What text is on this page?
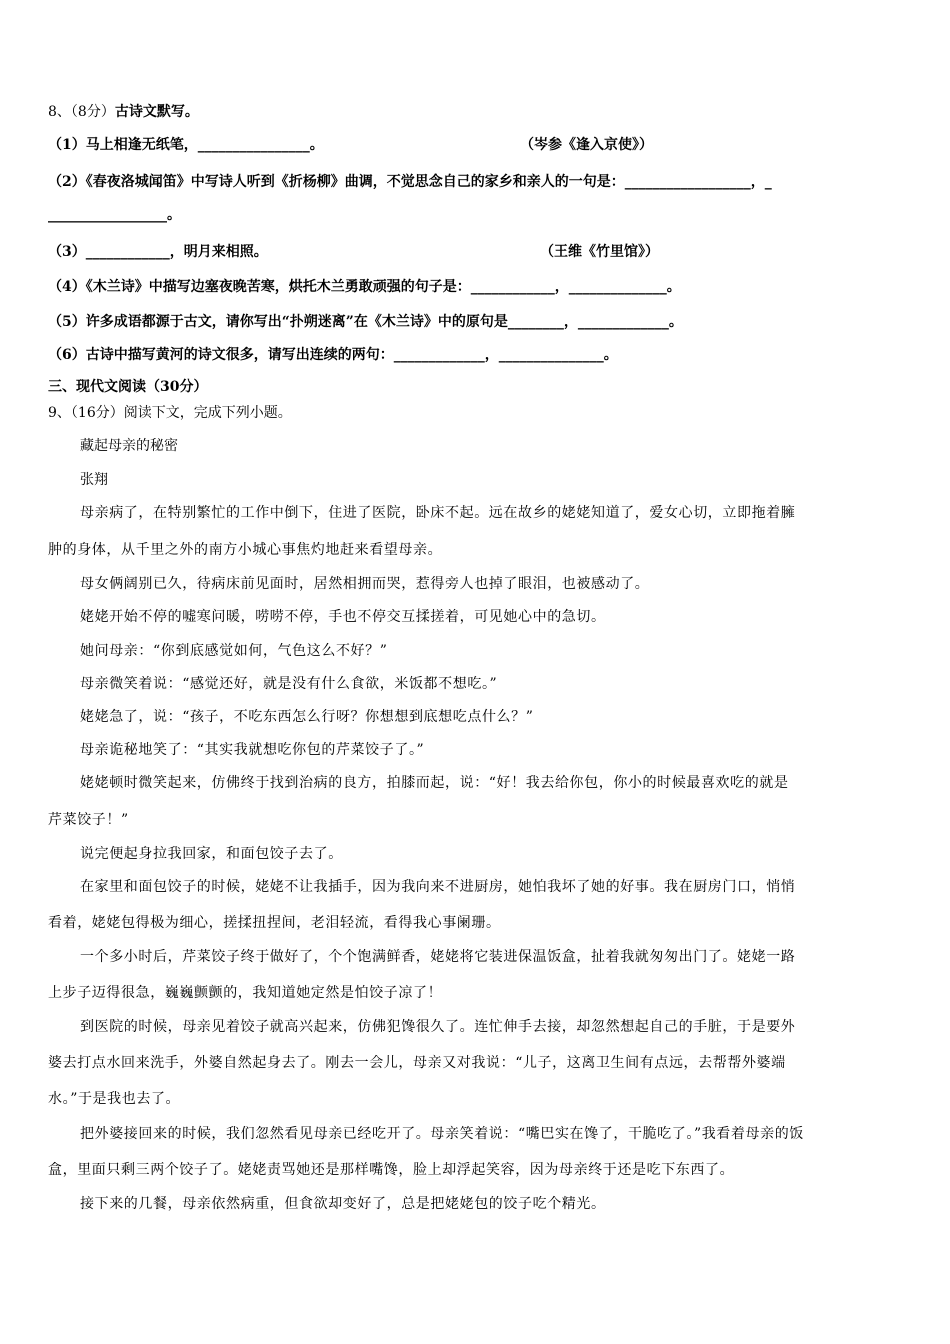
8、（8分）古诗文默写。
（1）马上相逢无纸笔，________________。	（岑参《逢入京使》）
（2）《春夜洛城闻笛》中写诗人听到《折杨柳》曲调，不觉思念自己的家乡和亲人的一句是：__________________，_
_________________。
（3）____________，明月来相照。	（王维《竹里馆》）
（4）《木兰诗》中描写边塞夜晚苦寒，烘托木兰勇敢顽强的句子是：____________，______________。
（5）许多成语都源于古文，请你写出“扑朔迷离”在《木兰诗》中的原句是________，_____________。
（6）古诗中描写黄河的诗文很多，请写出连续的两句：_____________，_______________。
三、现代文阅读（30分）
9、（16分）阅读下文，完成下列小题。
藏起母亲的秘密
张翔
母亲病了，在特别繁忙的工作中倒下，住进了医院，卧床不起。远在故乡的姥姥知道了，爱女心切，立即拖着臃
肿的身体，从千里之外的南方小城心事焦灼地赶来看望母亲。
母女俩阔别已久，待病床前见面时，居然相拥而哭，惹得旁人也掉了眼泪，也被感动了。
姥姥开始不停的嘘寒问暖，唠唠不停，手也不停交互揉搓着，可见她心中的急切。
她问母亲：“你到底感觉如何，气色这么不好？”
母亲微笑着说：“感觉还好，就是没有什么食欲，米饭都不想吃。”
姥姥急了，说：“孩子，不吃东西怎么行呀？你想想到底想吃点什么？”
母亲诡秘地笑了：“其实我就想吃你包的芹菜饺子了。”
姥姥顿时微笑起来，仿佛终于找到治病的良方，拍膝而起，说：“好！我去给你包，你小的时候最喜欢吃的就是
芹菜饺子！”
说完便起身拉我回家，和面包饺子去了。
在家里和面包饺子的时候，姥姥不让我插手，因为我向来不进厨房，她怕我坏了她的好事。我在厨房门口，悄悄
看着，姥姥包得极为细心，搓揉扭捏间，老泪轻流，看得我心事阑珊。
一个多小时后，芹菜饺子终于做好了，个个饱满鲜香，姥姥将它装进保温饭盒，扯着我就匆匆出门了。姥姥一路
上步子迈得很急，巍巍颤颤的，我知道她定然是怕饺子凉了！
到医院的时候，母亲见着饺子就高兴起来，仿佛犯馋很久了。连忙伸手去接，却忽然想起自己的手脏，于是要外
婆去打点水回来洗手，外婆自然起身去了。刚去一会儿，母亲又对我说：“儿子，这离卫生间有点远，去帮帮外婆端
水。”于是我也去了。
把外婆接回来的时候，我们忽然看见母亲已经吃开了。母亲笑着说：“嘴巴实在馋了，干脆吃了。”我看着母亲的饭
盒，里面只剩三两个饺子了。姥姥责骂她还是那样嘴馋，脸上却浮起笑容，因为母亲终于还是吃下东西了。
接下来的几餐，母亲依然病重，但食欲却变好了，总是把姥姥包的饺子吃个精光。
